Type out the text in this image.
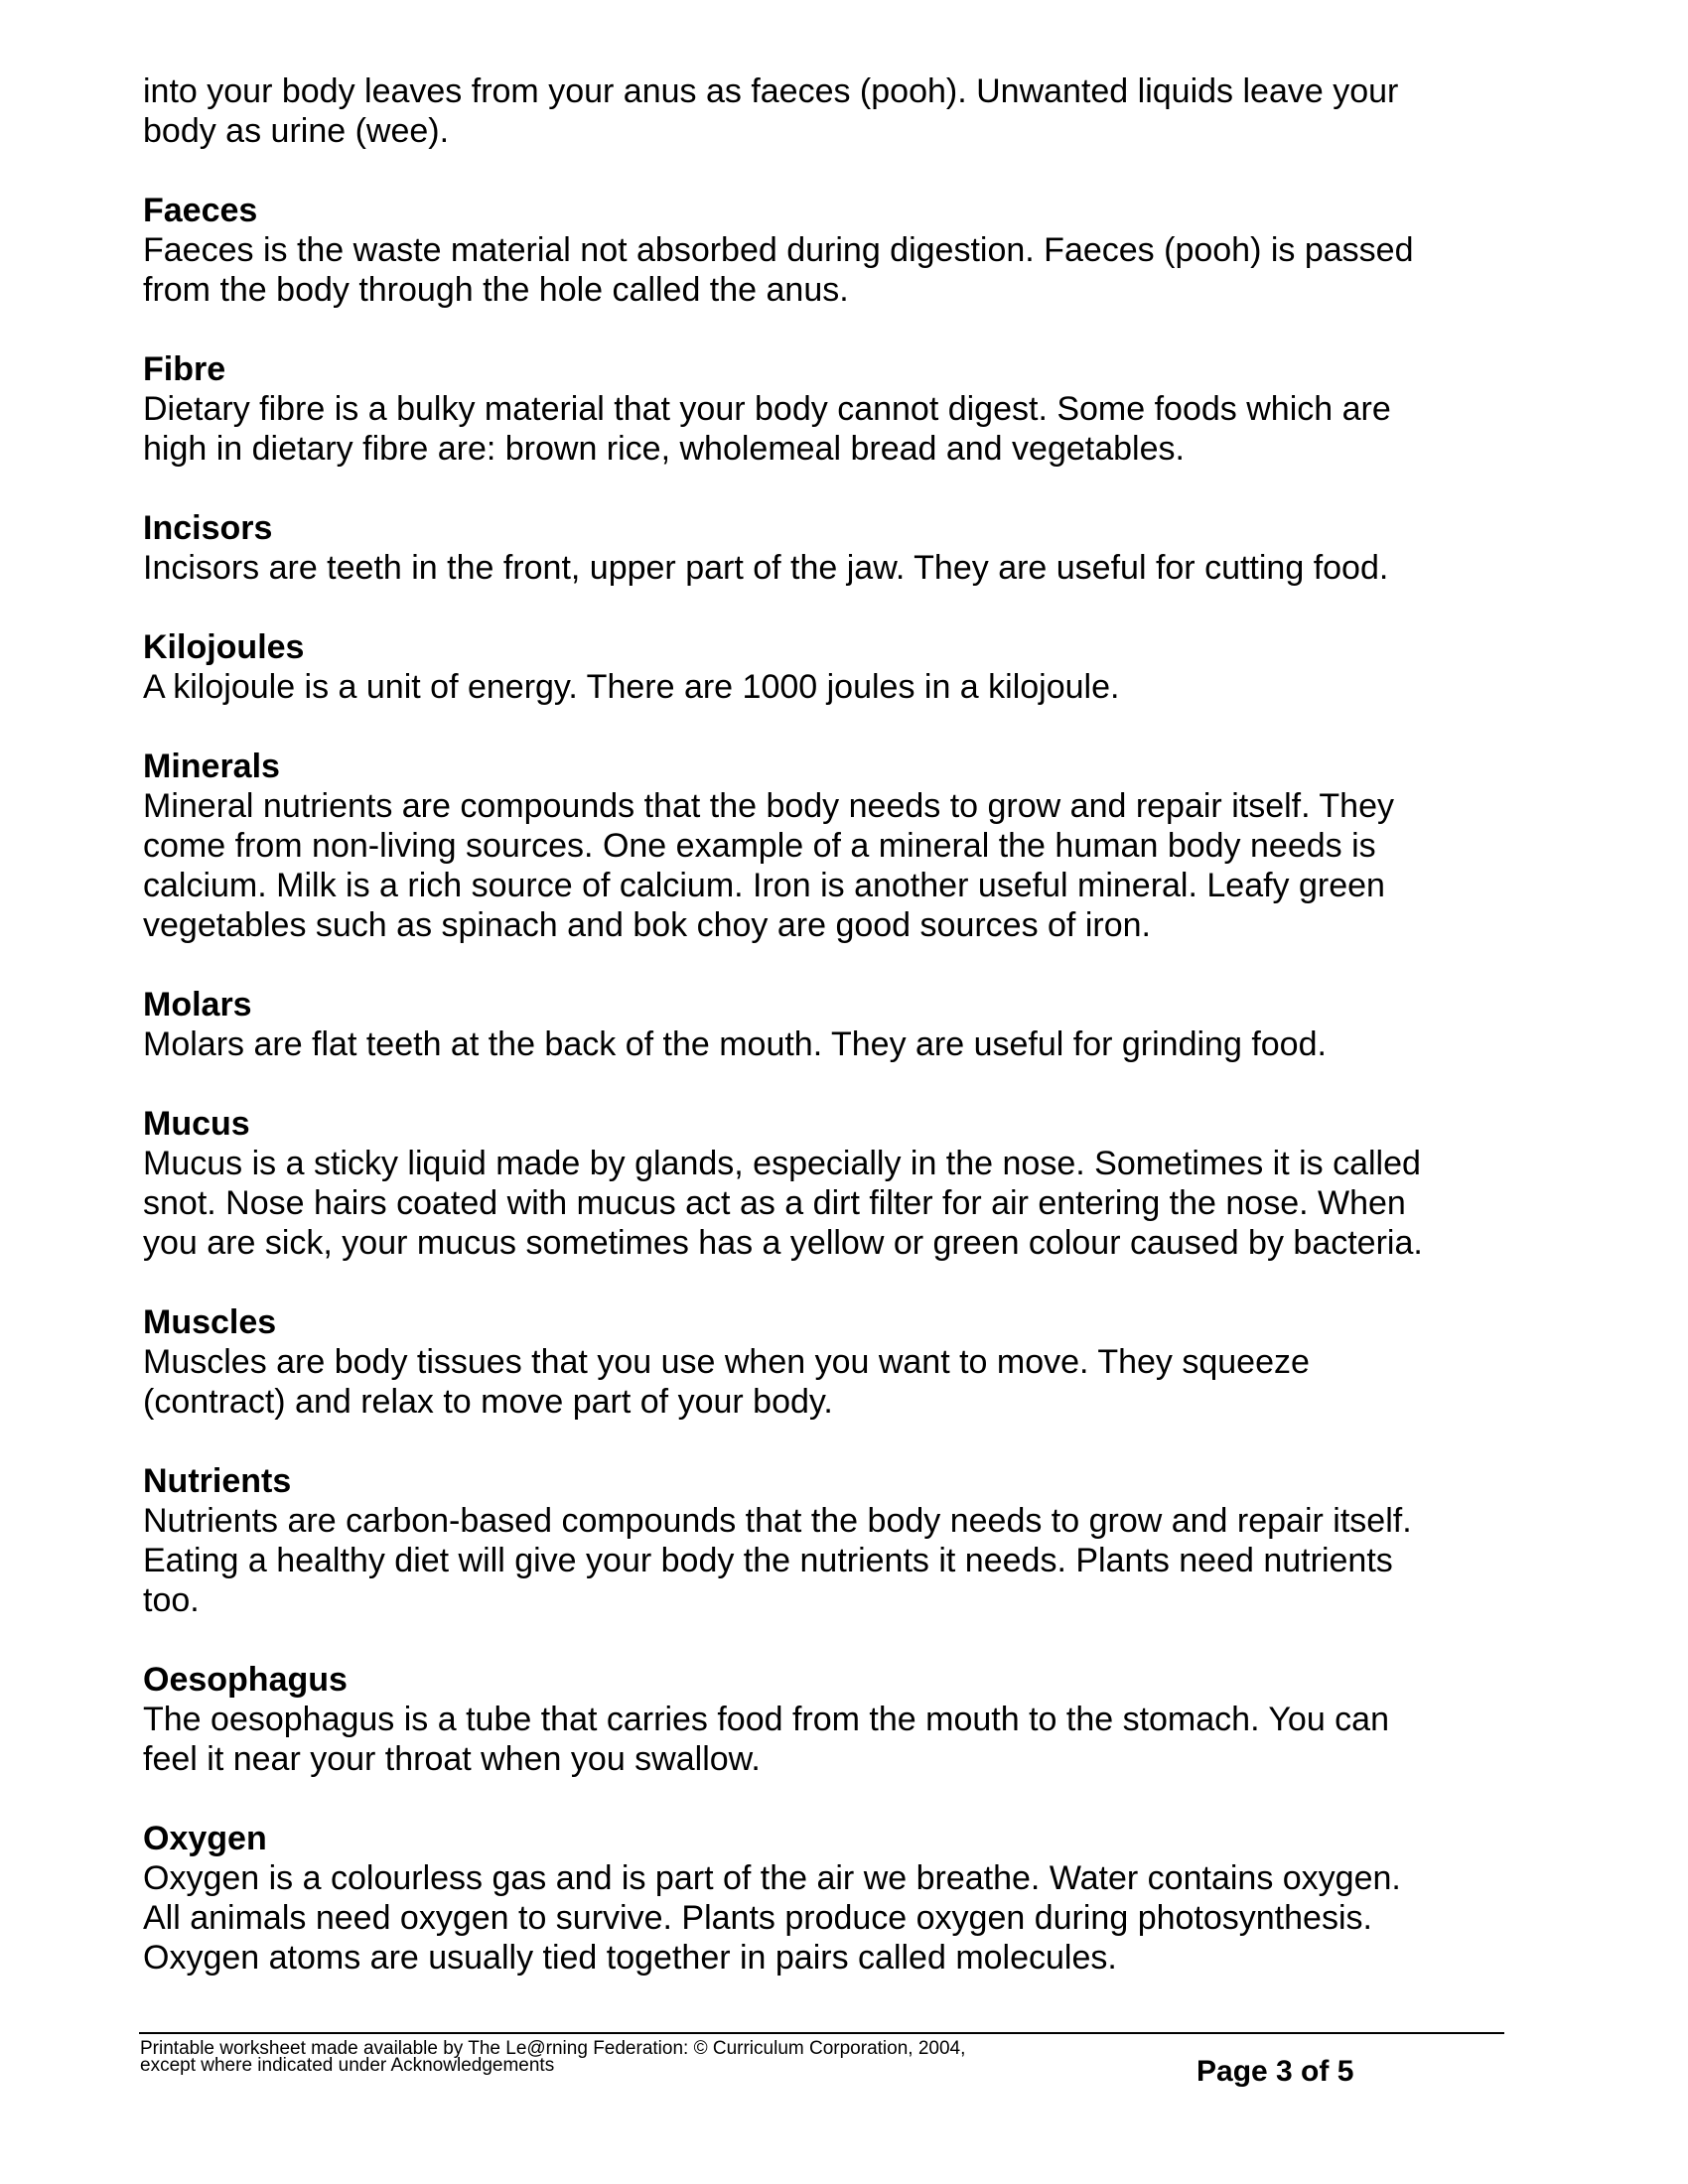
into your body leaves from your anus as faeces (pooh). Unwanted liquids leave your
body as urine (wee).

Faeces

Faeces is the waste material not absorbed during digestion. Faeces (pooh) is passed
from the body through the hole called the anus.

Fibre

Dietary fibre is a bulky material that your body cannot digest. Some foods which are
high in dietary fibre are: brown rice, wholemeal bread and vegetables.

Incisors

Incisors are teeth in the front, upper part of the jaw. They are useful for cutting food.

Kilojoules

A kilojoule is a unit of energy. There are 1000 joules in a kilojoule.

Minerals

Mineral nutrients are compounds that the body needs to grow and repair itself. They
come from non-living sources. One example of a mineral the human body needs is
calcium. Milk is a rich source of calcium. Iron is another useful mineral. Leafy green
vegetables such as spinach and bok choy are good sources of iron.

Molars

Molars are flat teeth at the back of the mouth. They are useful for grinding food.

Mucus

Mucus is a sticky liquid made by glands, especially in the nose. Sometimes it is called
snot. Nose hairs coated with mucus act as a dirt filter for air entering the nose. When
you are sick, your mucus sometimes has a yellow or green colour caused by bacteria.

Muscles

Muscles are body tissues that you use when you want to move. They squeeze
(contract) and relax to move part of your body.

Nutrients

Nutrients are carbon-based compounds that the body needs to grow and repair itself.
Eating a healthy diet will give your body the nutrients it needs. Plants need nutrients
too.

Oesophagus

The oesophagus is a tube that carries food from the mouth to the stomach. You can
feel it near your throat when you swallow.

Oxygen

Oxygen is a colourless gas and is part of the air we breathe. Water contains oxygen.
All animals need oxygen to survive. Plants produce oxygen during photosynthesis.
Oxygen atoms are usually tied together in pairs called molecules.

Printable worksheet made available by The Le@rning Federation: © Curriculum Corporation, 2004,
except where indicated under Acknowledgements	Page 3 of 5
